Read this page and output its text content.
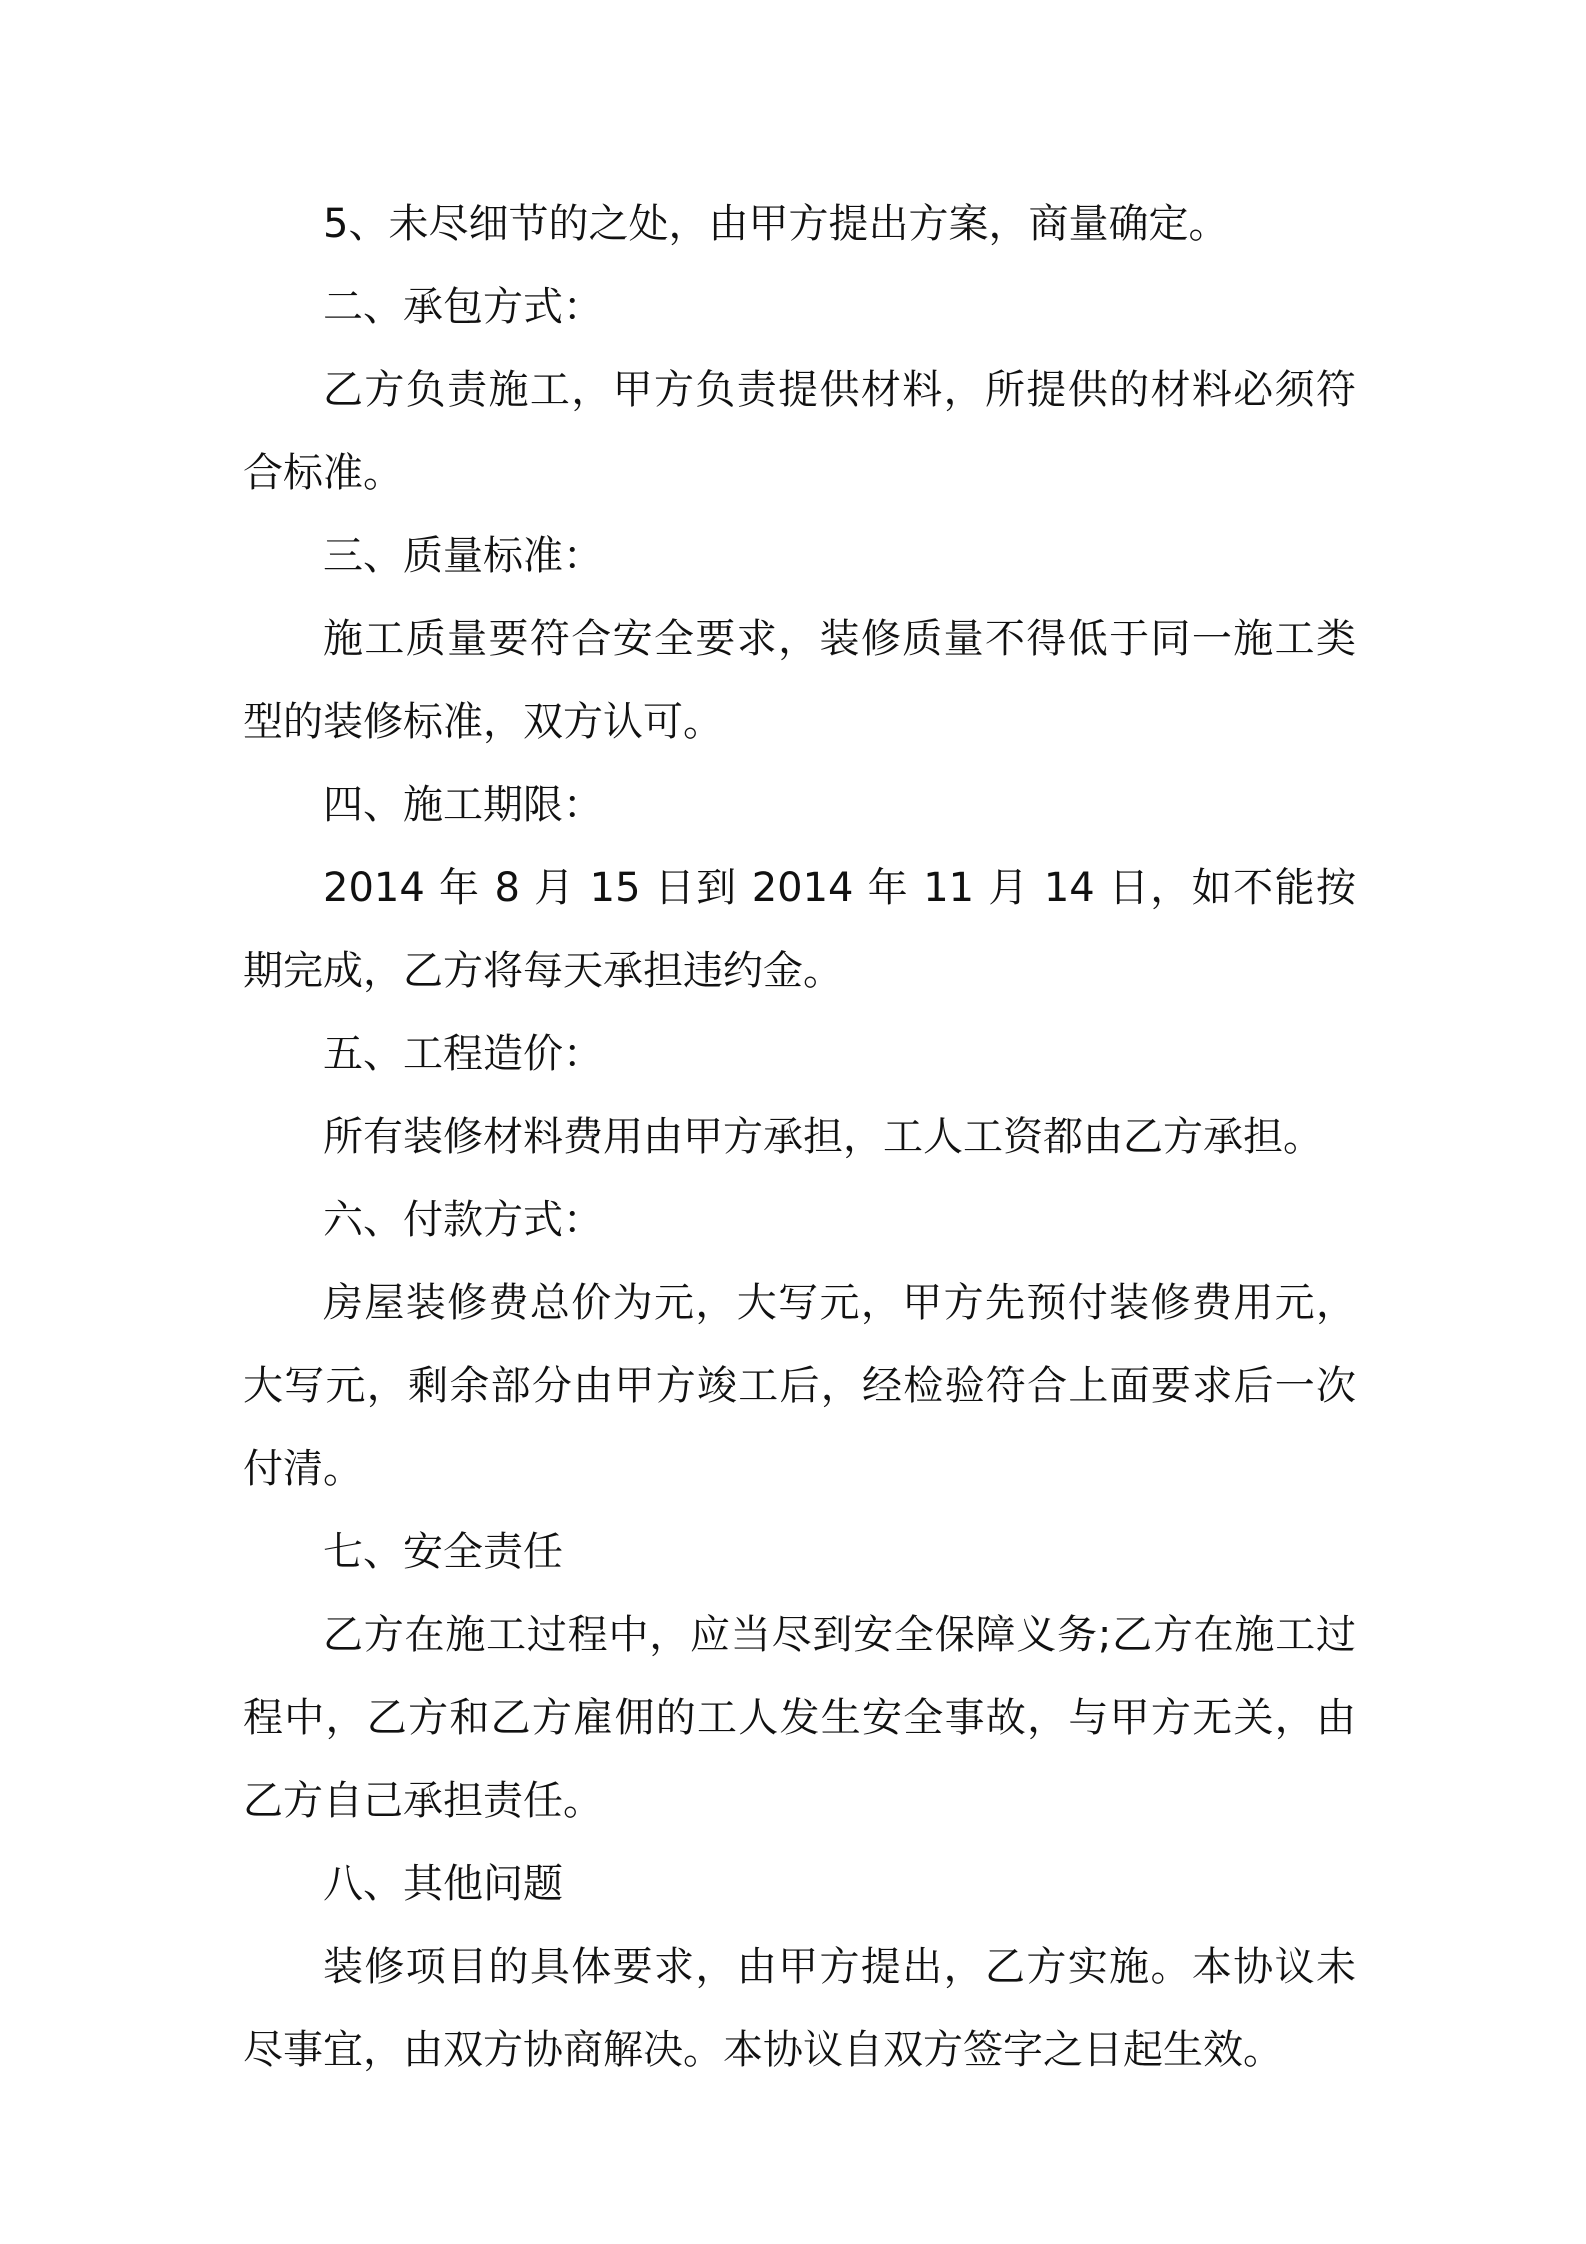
5、未尽细节的之处，由甲方提出方案，商量确定。

二、承包方式：

乙方负责施工，甲方负责提供材料，所提供的材料必须符合标准。

三、质量标准：

施工质量要符合安全要求，装修质量不得低于同一施工类型的装修标准，双方认可。

四、施工期限：

2014 年 8 月 15 日到 2014 年 11 月 14 日，如不能按期完成，乙方将每天承担违约金。

五、工程造价：

所有装修材料费用由甲方承担，工人工资都由乙方承担。

六、付款方式：

房屋装修费总价为元，大写元，甲方先预付装修费用元，大写元，剩余部分由甲方竣工后，经检验符合上面要求后一次付清。

七、安全责任

乙方在施工过程中，应当尽到安全保障义务;乙方在施工过程中，乙方和乙方雇佣的工人发生安全事故，与甲方无关，由乙方自己承担责任。

八、其他问题

装修项目的具体要求，由甲方提出，乙方实施。本协议未尽事宜，由双方协商解决。本协议自双方签字之日起生效。
